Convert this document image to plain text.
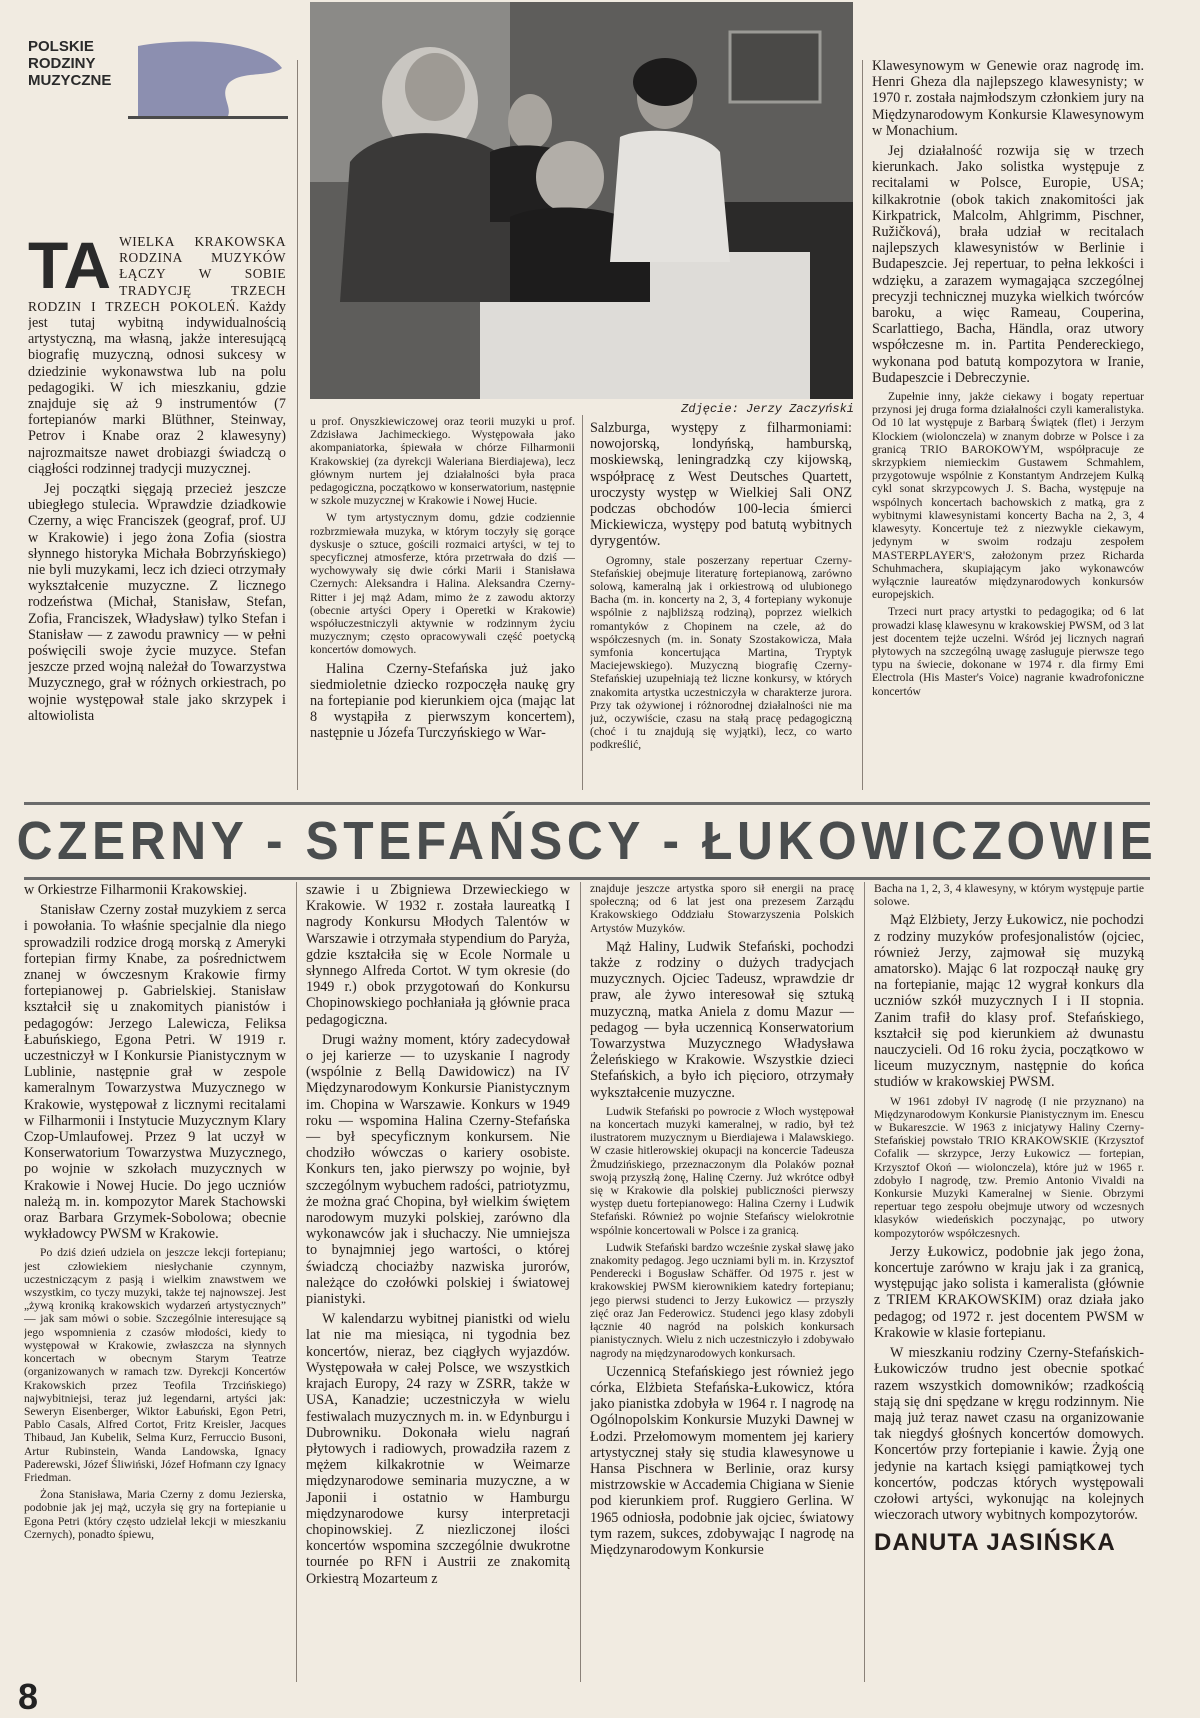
POLSKIE
RODZINY
MUZYCZNE

TA WIELKA KRAKOWSKA RODZINA MUZYKÓW ŁĄCZY W SOBIE TRADYCJĘ TRZECH RODZIN I TRZECH POKOLEŃ. Każdy jest tutaj wybitną indywidualnością artystyczną, ma własną, jakże interesującą biografię muzyczną, odnosi sukcesy w dziedzinie wykonawstwa lub na polu pedagogiki. W ich mieszkaniu, gdzie znajduje się aż 9 instrumentów (7 fortepianów marki Blüthner, Steinway, Petrov i Knabe oraz 2 klawesyny) najrozmaitsze nawet drobiazgi świadczą o ciągłości rodzinnej tradycji muzycznej.

Jej początki sięgają przecież jeszcze ubiegłego stulecia. Wprawdzie dziadkowie Czerny, a więc Franciszek (geograf, prof. UJ w Krakowie) i jego żona Zofia (siostra słynnego historyka Michała Bobrzyńskiego) nie byli muzykami, lecz ich dzieci otrzymały wykształcenie muzyczne. Z licznego rodzeństwa (Michał, Stanisław, Stefan, Zofia, Franciszek, Władysław) tylko Stefan i Stanisław — z zawodu prawnicy — w pełni poświęcili swoje życie muzyce. Stefan jeszcze przed wojną należał do Towarzystwa Muzycznego, grał w różnych orkiestrach, po wojnie występował stale jako skrzypek i altowiolista

Zdjęcie: Jerzy Zaczyński

u prof. Onyszkiewiczowej oraz teorii muzyki u prof. Zdzisława Jachimeckiego. Występowała jako akompaniatorka, śpiewała w chórze Filharmonii Krakowskiej (za dyrekcji Waleriana Bierdiajewa), lecz głównym nurtem jej działalności była praca pedagogiczna, początkowo w konserwatorium, następnie w szkole muzycznej w Krakowie i Nowej Hucie.

W tym artystycznym domu, gdzie codziennie rozbrzmiewała muzyka, w którym toczyły się gorące dyskusje o sztuce, gościli rozmaici artyści, w tej to specyficznej atmosferze, która przetrwała do dziś — wychowywały się dwie córki Marii i Stanisława Czernych: Aleksandra i Halina. Aleksandra Czerny-Ritter i jej mąż Adam, mimo że z zawodu aktorzy (obecnie artyści Opery i Operetki w Krakowie) współuczestniczyli aktywnie w rodzinnym życiu muzycznym; często opracowywali część poetycką koncertów domowych.

Halina Czerny-Stefańska już jako siedmioletnie dziecko rozpoczęła naukę gry na fortepianie pod kierunkiem ojca (mając lat 8 wystąpiła z pierwszym koncertem), następnie u Józefa Turczyńskiego w War-

Salzburga, występy z filharmoniami: nowojorską, londyńską, hamburską, moskiewską, leningradzką czy kijowską, współpracę z West Deutsches Quartett, uroczysty występ w Wielkiej Sali ONZ podczas obchodów 100-lecia śmierci Mickiewicza, występy pod batutą wybitnych dyrygentów.

Ogromny, stale poszerzany repertuar Czerny-Stefańskiej obejmuje literaturę fortepianową, zarówno solową, kameralną jak i orkiestrową od ulubionego Bacha (m. in. koncerty na 2, 3, 4 fortepiany wykonuje wspólnie z najbliższą rodziną), poprzez wielkich romantyków z Chopinem na czele, aż do współczesnych (m. in. Sonaty Szostakowicza, Mała symfonia koncertująca Martina, Tryptyk Maciejewskiego). Muzyczną biografię Czerny-Stefańskiej uzupełniają też liczne konkursy, w których znakomita artystka uczestniczyła w charakterze jurora. Przy tak ożywionej i różnorodnej działalności nie ma już, oczywiście, czasu na stałą pracę pedagogiczną (choć i tu znajdują się wyjątki), lecz, co warto podkreślić,

Klawesynowym w Genewie oraz nagrodę im. Henri Gheza dla najlepszego klawesynisty; w 1970 r. została najmłodszym członkiem jury na Międzynarodowym Konkursie Klawesynowym w Monachium.

Jej działalność rozwija się w trzech kierunkach. Jako solistka występuje z recitalami w Polsce, Europie, USA; kilkakrotnie (obok takich znakomitości jak Kirkpatrick, Malcolm, Ahlgrimm, Pischner, Ružičková), brała udział w recitalach najlepszych klawesynistów w Berlinie i Budapeszcie. Jej repertuar, to pełna lekkości i wdzięku, a zarazem wymagająca szczególnej precyzji technicznej muzyka wielkich twórców baroku, a więc Rameau, Couperina, Scarlattiego, Bacha, Händla, oraz utwory współczesne m. in. Partita Pendereckiego, wykonana pod batutą kompozytora w Iranie, Budapeszcie i Debreczynie.

Zupełnie inny, jakże ciekawy i bogaty repertuar przynosi jej druga forma działalności czyli kameralistyka. Od 10 lat występuje z Barbarą Świątek (flet) i Jerzym Klockiem (wiolonczela) w znanym dobrze w Polsce i za granicą TRIO BAROKOWYM, współpracuje ze skrzypkiem niemieckim Gustawem Schmahlem, przygotowuje wspólnie z Konstantym Andrzejem Kulką cykl sonat skrzypcowych J. S. Bacha, występuje na wspólnych koncertach bachowskich z matką, gra z wybitnymi klawesynistami koncerty Bacha na 2, 3, 4 klawesyty. Koncertuje też z niezwykle ciekawym, jedynym w swoim rodzaju zespołem MASTERPLAYER'S, założonym przez Richarda Schuhmachera, skupiającym jako wykonawców wyłącznie laureatów międzynarodowych konkursów europejskich.

Trzeci nurt pracy artystki to pedagogika; od 6 lat prowadzi klasę klawesynu w krakowskiej PWSM, od 3 lat jest docentem tejże uczelni. Wśród jej licznych nagrań płytowych na szczególną uwagę zasługuje pierwsze tego typu na świecie, dokonane w 1974 r. dla firmy Emi Electrola (His Master's Voice) nagranie kwadrofoniczne koncertów

CZERNY - STEFAŃSCY - ŁUKOWICZOWIE

w Orkiestrze Filharmonii Krakowskiej.

Stanisław Czerny został muzykiem z serca i powołania. To właśnie specjalnie dla niego sprowadzili rodzice drogą morską z Ameryki fortepian firmy Knabe, za pośrednictwem znanej w ówczesnym Krakowie firmy fortepianowej p. Gabrielskiej. Stanisław kształcił się u znakomitych pianistów i pedagogów: Jerzego Lalewicza, Feliksa Łabuńskiego, Egona Petri. W 1919 r. uczestniczył w I Konkursie Pianistycznym w Lublinie, następnie grał w zespole kameralnym Towarzystwa Muzycznego w Krakowie, występował z licznymi recitalami w Filharmonii i Instytucie Muzycznym Klary Czop-Umlaufowej. Przez 9 lat uczył w Konserwatorium Towarzystwa Muzycznego, po wojnie w szkołach muzycznych w Krakowie i Nowej Hucie. Do jego uczniów należą m. in. kompozytor Marek Stachowski oraz Barbara Grzymek-Sobolowa; obecnie wykładowcy PWSM w Krakowie.

Po dziś dzień udziela on jeszcze lekcji fortepianu; jest człowiekiem niesłychanie czynnym, uczestniczącym z pasją i wielkim znawstwem we wszystkim, co tyczy muzyki, także tej najnowszej. Jest „żywą kroniką krakowskich wydarzeń artystycznych” — jak sam mówi o sobie. Szczególnie interesujące są jego wspomnienia z czasów młodości, kiedy to występował w Krakowie, zwłaszcza na słynnych koncertach w obecnym Starym Teatrze (organizowanych w ramach tzw. Dyrekcji Koncertów Krakowskich przez Teofila Trzcińskiego) najwybitniejsi, teraz już legendarni, artyści jak: Seweryn Eisenberger, Wiktor Łabuński, Egon Petri, Pablo Casals, Alfred Cortot, Fritz Kreisler, Jacques Thibaud, Jan Kubelik, Selma Kurz, Ferruccio Busoni, Artur Rubinstein, Wanda Landowska, Ignacy Paderewski, Józef Śliwiński, Józef Hofmann czy Ignacy Friedman.

Żona Stanisława, Maria Czerny z domu Jezierska, podobnie jak jej mąż, uczyła się gry na fortepianie u Egona Petri (który często udzielał lekcji w mieszkaniu Czernych), ponadto śpiewu,

szawie i u Zbigniewa Drzewieckiego w Krakowie. W 1932 r. została laureatką I nagrody Konkursu Młodych Talentów w Warszawie i otrzymała stypendium do Paryża, gdzie kształciła się w Ecole Normale u słynnego Alfreda Cortot. W tym okresie (do 1949 r.) obok przygotowań do Konkursu Chopinowskiego pochłaniała ją głównie praca pedagogiczna.

Drugi ważny moment, który zadecydował o jej karierze — to uzyskanie I nagrody (wspólnie z Bellą Dawidowicz) na IV Międzynarodowym Konkursie Pianistycznym im. Chopina w Warszawie. Konkurs w 1949 roku — wspomina Halina Czerny-Stefańska — był specyficznym konkursem. Nie chodziło wówczas o kariery osobiste. Konkurs ten, jako pierwszy po wojnie, był szczególnym wybuchem radości, patriotyzmu, że można grać Chopina, był wielkim świętem narodowym muzyki polskiej, zarówno dla wykonawców jak i słuchaczy. Nie umniejsza to bynajmniej jego wartości, o której świadczą chociażby nazwiska jurorów, należące do czołówki polskiej i światowej pianistyki.

W kalendarzu wybitnej pianistki od wielu lat nie ma miesiąca, ni tygodnia bez koncertów, nieraz, bez ciągłych wyjazdów. Występowała w całej Polsce, we wszystkich krajach Europy, 24 razy w ZSRR, także w USA, Kanadzie; uczestniczyła w wielu festiwalach muzycznych m. in. w Edynburgu i Dubrowniku. Dokonała wielu nagrań płytowych i radiowych, prowadziła razem z mężem kilkakrotnie w Weimarze międzynarodowe seminaria muzyczne, a w Japonii i ostatnio w Hamburgu międzynarodowe kursy interpretacji chopinowskiej. Z niezliczonej ilości koncertów wspomina szczególnie dwukrotne tournée po RFN i Austrii ze znakomitą Orkiestrą Mozarteum z

znajduje jeszcze artystka sporo sił energii na pracę społeczną; od 6 lat jest ona prezesem Zarządu Krakowskiego Oddziału Stowarzyszenia Polskich Artystów Muzyków.

Mąż Haliny, Ludwik Stefański, pochodzi także z rodziny o dużych tradycjach muzycznych. Ojciec Tadeusz, wprawdzie dr praw, ale żywo interesował się sztuką muzyczną, matka Aniela z domu Mazur — pedagog — była uczennicą Konserwatorium Towarzystwa Muzycznego Władysława Żeleńskiego w Krakowie. Wszystkie dzieci Stefańskich, a było ich pięcioro, otrzymały wykształcenie muzyczne.

Ludwik Stefański po powrocie z Włoch występował na koncertach muzyki kameralnej, w radio, był też ilustratorem muzycznym u Bierdiajewa i Malawskiego. W czasie hitlerowskiej okupacji na koncercie Tadeusza Żmudzińskiego, przeznaczonym dla Polaków poznał swoją przyszłą żonę, Halinę Czerny. Już wkrótce odbył się w Krakowie dla polskiej publiczności pierwszy występ duetu fortepianowego: Halina Czerny i Ludwik Stefański. Również po wojnie Stefańscy wielokrotnie wspólnie koncertowali w Polsce i za granicą.

Ludwik Stefański bardzo wcześnie zyskał sławę jako znakomity pedagog. Jego uczniami byli m. in. Krzysztof Penderecki i Bogusław Schäffer. Od 1975 r. jest w krakowskiej PWSM kierownikiem katedry fortepianu; jego pierwsi studenci to Jerzy Łukowicz — przyszły zięć oraz Jan Federowicz. Studenci jego klasy zdobyli łącznie 40 nagród na polskich konkursach pianistycznych. Wielu z nich uczestniczyło i zdobywało nagrody na międzynarodowych konkursach.

Uczennicą Stefańskiego jest również jego córka, Elżbieta Stefańska-Łukowicz, która jako pianistka zdobyła w 1964 r. I nagrodę na Ogólnopolskim Konkursie Muzyki Dawnej w Łodzi. Przełomowym momentem jej kariery artystycznej stały się studia klawesynowe u Hansa Pischnera w Berlinie, oraz kursy mistrzowskie w Accademia Chigiana w Sienie pod kierunkiem prof. Ruggiero Gerlina. W 1965 odniosła, podobnie jak ojciec, światowy tym razem, sukces, zdobywając I nagrodę na Międzynarodowym Konkursie

Bacha na 1, 2, 3, 4 klawesyny, w którym występuje partie solowe.

Mąż Elżbiety, Jerzy Łukowicz, nie pochodzi z rodziny muzyków profesjonalistów (ojciec, również Jerzy, zajmował się muzyką amatorsko). Mając 6 lat rozpoczął naukę gry na fortepianie, mając 12 wygrał konkurs dla uczniów szkół muzycznych I i II stopnia. Zanim trafił do klasy prof. Stefańskiego, kształcił się pod kierunkiem aż dwunastu nauczycieli. Od 16 roku życia, początkowo w liceum muzycznym, następnie do końca studiów w krakowskiej PWSM.

W 1961 zdobył IV nagrodę (I nie przyznano) na Międzynarodowym Konkursie Pianistycznym im. Enescu w Bukareszcie. W 1963 z inicjatywy Haliny Czerny-Stefańskiej powstało TRIO KRAKOWSKIE (Krzysztof Cofalik — skrzypce, Jerzy Łukowicz — fortepian, Krzysztof Okoń — wiolonczela), które już w 1965 r. zdobyło I nagrodę, tzw. Premio Antonio Vivaldi na Konkursie Muzyki Kameralnej w Sienie. Obrzymi repertuar tego zespołu obejmuje utwory od wczesnych klasyków wiedeńskich poczynając, po utwory kompozytorów współczesnych.

Jerzy Łukowicz, podobnie jak jego żona, koncertuje zarówno w kraju jak i za granicą, występując jako solista i kameralista (głównie z TRIEM KRAKOWSKIM) oraz działa jako pedagog; od 1972 r. jest docentem PWSM w Krakowie w klasie fortepianu.

W mieszkaniu rodziny Czerny-Stefańskich-Łukowiczów trudno jest obecnie spotkać razem wszystkich domowników; rzadkością stają się dni spędzane w kręgu rodzinnym. Nie mają już teraz nawet czasu na organizowanie tak niegdyś głośnych koncertów domowych. Koncertów przy fortepianie i kawie. Żyją one jedynie na kartach księgi pamiątkowej tych koncertów, podczas których występowali czołowi artyści, wykonując na kolejnych wieczorach utwory wybitnych kompozytorów.

DANUTA JASIŃSKA

8
